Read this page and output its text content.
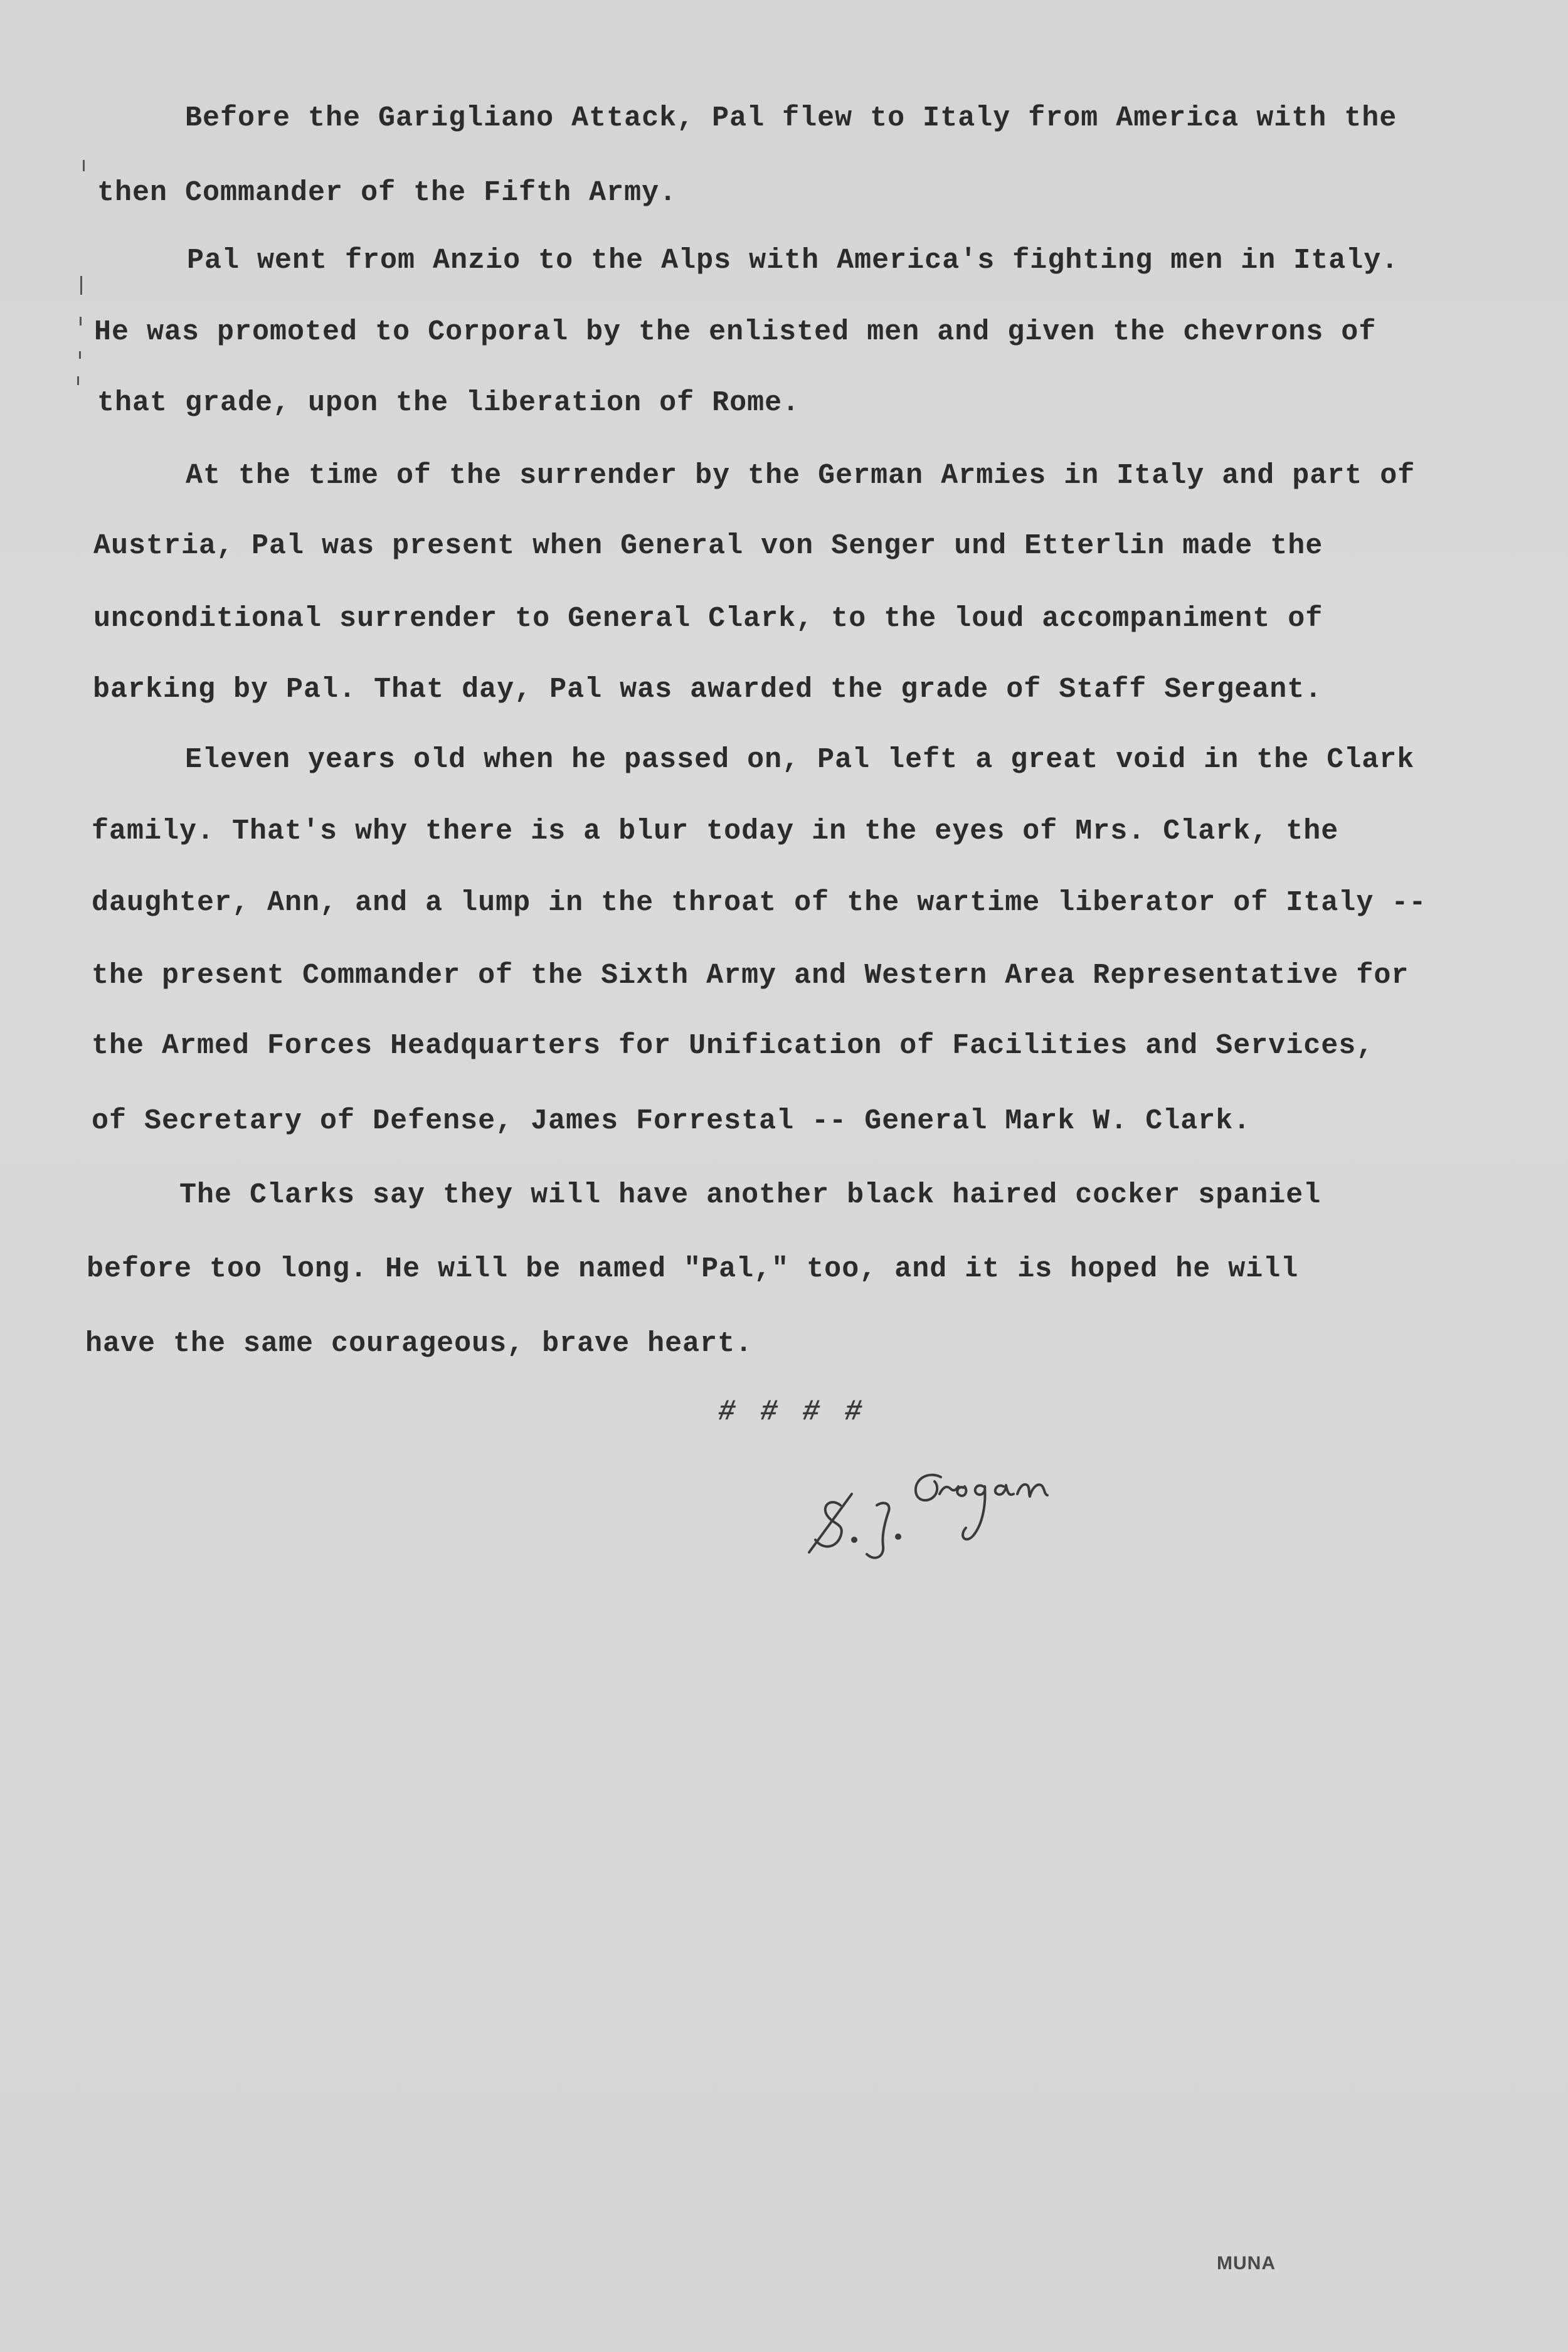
Before the Garigliano Attack, Pal flew to Italy from America with the

then Commander of the Fifth Army.

Pal went from Anzio to the Alps with America's fighting men in Italy.

He was promoted to Corporal by the enlisted men and given the chevrons of

that grade, upon the liberation of Rome.

At the time of the surrender by the German Armies in Italy and part of

Austria, Pal was present when General von Senger und Etterlin made the

unconditional surrender to General Clark, to the loud accompaniment of

barking by Pal. That day, Pal was awarded the grade of Staff Sergeant.

Eleven years old when he passed on, Pal left a great void in the Clark

family. That's why there is a blur today in the eyes of Mrs. Clark, the

daughter, Ann, and a lump in the throat of the wartime liberator of Italy --

the present Commander of the Sixth Army and Western Area Representative for

the Armed Forces Headquarters for Unification of Facilities and Services,

of Secretary of Defense, James Forrestal -- General Mark W. Clark.

The Clarks say they will have another black haired cocker spaniel

before too long. He will be named "Pal," too, and it is hoped he will

have the same courageous, brave heart.

# # # #
MUNA
